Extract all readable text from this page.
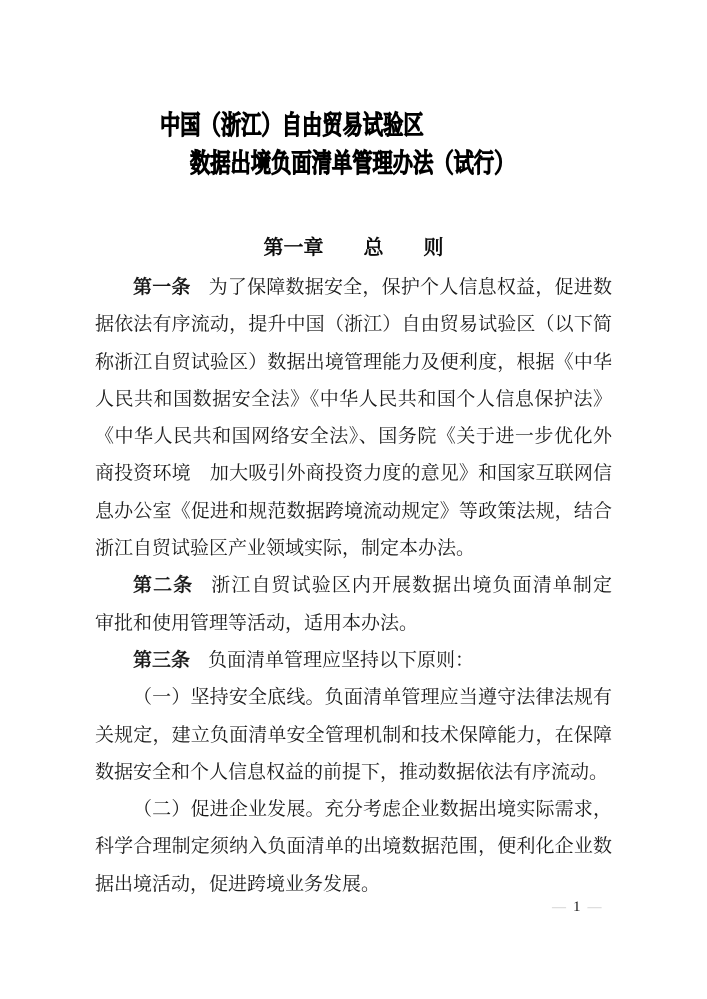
中国（浙江）自由贸易试验区
数据出境负面清单管理办法（试行）
第一章　　总　　则
第一条 为了保障数据安全，保护个人信息权益，促进数
据依法有序流动，提升中国（浙江）自由贸易试验区（以下简
称浙江自贸试验区）数据出境管理能力及便利度，根据《中华
人民共和国数据安全法》《中华人民共和国个人信息保护法》
《中华人民共和国网络安全法》、国务院《关于进一步优化外
商投资环境　加大吸引外商投资力度的意见》和国家互联网信
息办公室《促进和规范数据跨境流动规定》等政策法规，结合
浙江自贸试验区产业领域实际，制定本办法。
第二条 浙江自贸试验区内开展数据出境负面清单制定
审批和使用管理等活动，适用本办法。
第三条 负面清单管理应坚持以下原则：
（一）坚持安全底线。负面清单管理应当遵守法律法规有
关规定，建立负面清单安全管理机制和技术保障能力，在保障
数据安全和个人信息权益的前提下，推动数据依法有序流动。
（二）促进企业发展。充分考虑企业数据出境实际需求，
科学合理制定须纳入负面清单的出境数据范围，便利化企业数
据出境活动，促进跨境业务发展。
— 1 —
